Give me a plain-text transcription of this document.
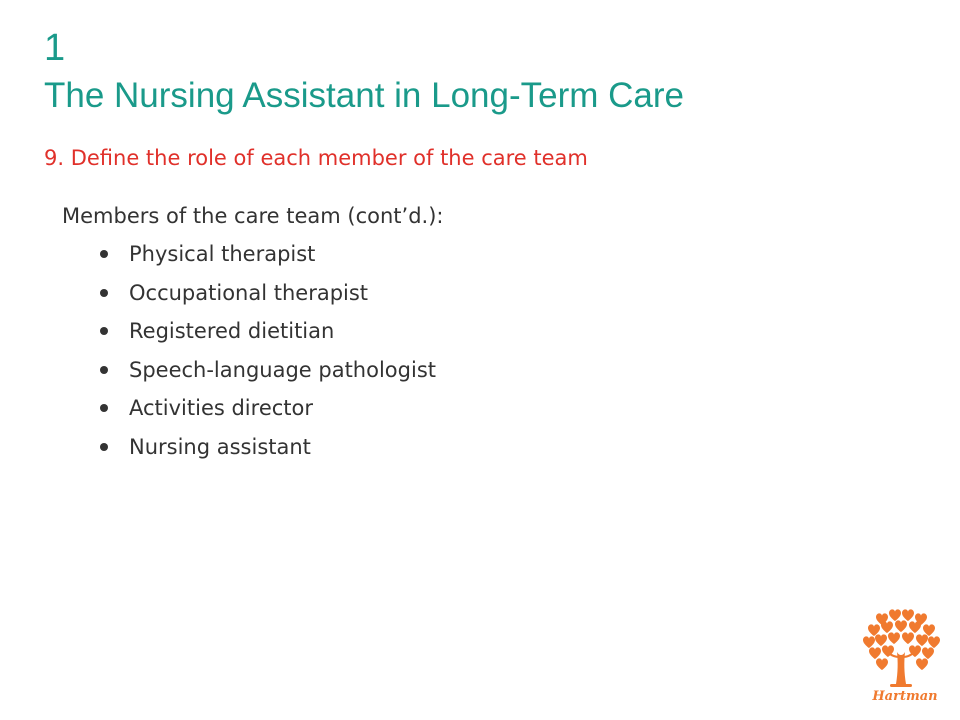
1
The Nursing Assistant in Long-Term Care
9. Define the role of each member of the care team
Members of the care team (cont’d.):
Physical therapist
Occupational therapist
Registered dietitian
Speech-language pathologist
Activities director
Nursing assistant
Hartman
